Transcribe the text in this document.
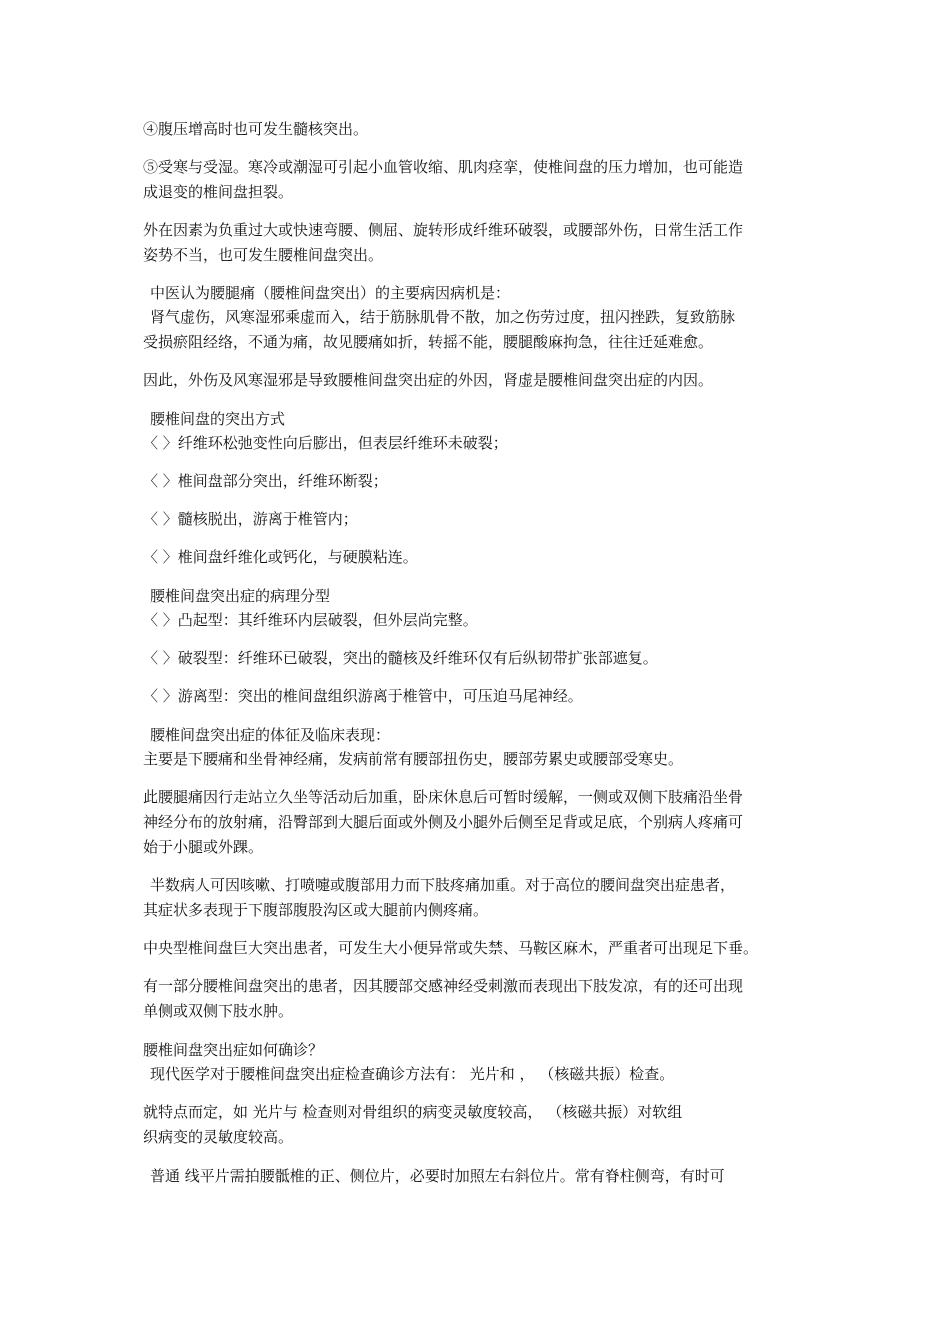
④腹压增高时也可发生髓核突出。
⑤受寒与受湿。寒冷或潮湿可引起小血管收缩、肌肉痉挛，使椎间盘的压力增加，也可能造
成退变的椎间盘担裂。
外在因素为负重过大或快速弯腰、侧屈、旋转形成纤维环破裂，或腰部外伤，日常生活工作
姿势不当，也可发生腰椎间盘突出。
中医认为腰腿痛（腰椎间盘突出）的主要病因病机是：
肾气虚伤，风寒湿邪乘虚而入，结于筋脉肌骨不散，加之伤劳过度，扭闪挫跌，复致筋脉
受损瘀阻经络，不通为痛，故见腰痛如折，转摇不能，腰腿酸麻拘急，往往迁延难愈。
因此，外伤及风寒湿邪是导致腰椎间盘突出症的外因，肾虚是腰椎间盘突出症的内因。
腰椎间盘的突出方式
〈 〉纤维环松弛变性向后膨出，但表层纤维环未破裂；
〈 〉椎间盘部分突出，纤维环断裂；
〈 〉髓核脱出，游离于椎管内；
〈 〉椎间盘纤维化或钙化，与硬膜粘连。
腰椎间盘突出症的病理分型
〈 〉凸起型：其纤维环内层破裂，但外层尚完整。
〈 〉破裂型：纤维环已破裂，突出的髓核及纤维环仅有后纵韧带扩张部遮复。
〈 〉游离型：突出的椎间盘组织游离于椎管中，可压迫马尾神经。
腰椎间盘突出症的体征及临床表现：
主要是下腰痛和坐骨神经痛，发病前常有腰部扭伤史，腰部劳累史或腰部受寒史。
此腰腿痛因行走站立久坐等活动后加重，卧床休息后可暂时缓解，一侧或双侧下肢痛沿坐骨
神经分布的放射痛，沿臀部到大腿后面或外侧及小腿外后侧至足背或足底，个别病人疼痛可
始于小腿或外踝。
半数病人可因咳嗽、打喷嚏或腹部用力而下肢疼痛加重。对于高位的腰间盘突出症患者，
其症状多表现于下腹部腹股沟区或大腿前内侧疼痛。
中央型椎间盘巨大突出患者，可发生大小便异常或失禁、马鞍区麻木，严重者可出现足下垂。
有一部分腰椎间盘突出的患者，因其腰部交感神经受刺激而表现出下肢发凉，有的还可出现
单侧或双侧下肢水肿。
腰椎间盘突出症如何确诊？
现代医学对于腰椎间盘突出症检查确诊方法有： 光片和 ， （核磁共振）检查。
就特点而定，如 光片与 检查则对骨组织的病变灵敏度较高， （核磁共振）对软组
织病变的灵敏度较高。
普通 线平片需拍腰骶椎的正、侧位片，必要时加照左右斜位片。常有脊柱侧弯，有时可
